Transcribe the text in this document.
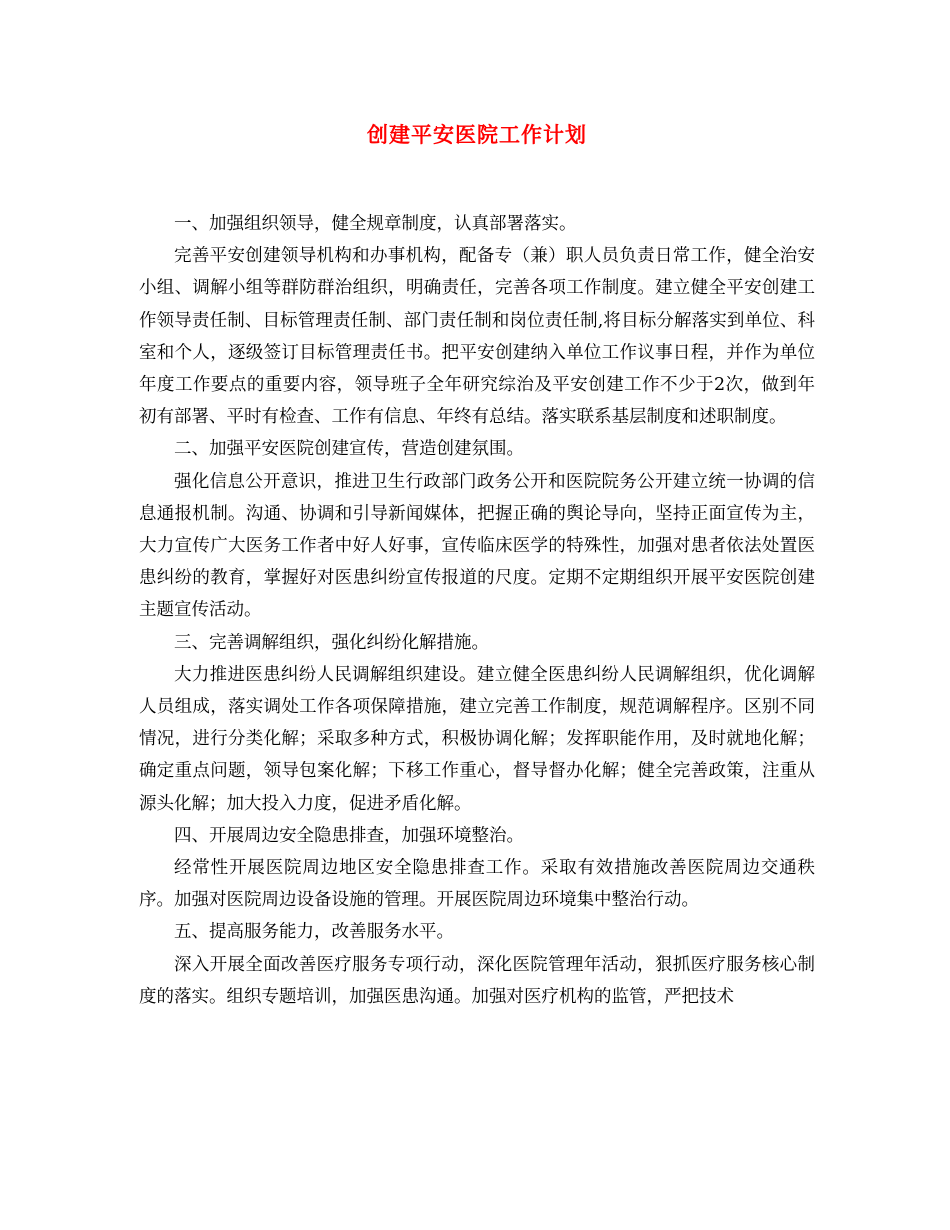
创建平安医院工作计划

一、加强组织领导，健全规章制度，认真部署落实。

完善平安创建领导机构和办事机构，配备专（兼）职人员负责日常工作，健全治安小组、调解小组等群防群治组织，明确责任，完善各项工作制度。建立健全平安创建工作领导责任制、目标管理责任制、部门责任制和岗位责任制,将目标分解落实到单位、科室和个人，逐级签订目标管理责任书。把平安创建纳入单位工作议事日程，并作为单位年度工作要点的重要内容，领导班子全年研究综治及平安创建工作不少于2次，做到年初有部署、平时有检查、工作有信息、年终有总结。落实联系基层制度和述职制度。

二、加强平安医院创建宣传，营造创建氛围。

强化信息公开意识，推进卫生行政部门政务公开和医院院务公开建立统一协调的信息通报机制。沟通、协调和引导新闻媒体，把握正确的舆论导向，坚持正面宣传为主，大力宣传广大医务工作者中好人好事，宣传临床医学的特殊性，加强对患者依法处置医患纠纷的教育，掌握好对医患纠纷宣传报道的尺度。定期不定期组织开展平安医院创建主题宣传活动。

三、完善调解组织，强化纠纷化解措施。

大力推进医患纠纷人民调解组织建设。建立健全医患纠纷人民调解组织，优化调解人员组成，落实调处工作各项保障措施，建立完善工作制度，规范调解程序。区别不同情况，进行分类化解；采取多种方式，积极协调化解；发挥职能作用，及时就地化解；确定重点问题，领导包案化解；下移工作重心，督导督办化解；健全完善政策，注重从源头化解；加大投入力度，促进矛盾化解。

四、开展周边安全隐患排查，加强环境整治。

经常性开展医院周边地区安全隐患排查工作。采取有效措施改善医院周边交通秩序。加强对医院周边设备设施的管理。开展医院周边环境集中整治行动。

五、提高服务能力，改善服务水平。

深入开展全面改善医疗服务专项行动，深化医院管理年活动，狠抓医疗服务核心制度的落实。组织专题培训，加强医患沟通。加强对医疗机构的监管，严把技术
